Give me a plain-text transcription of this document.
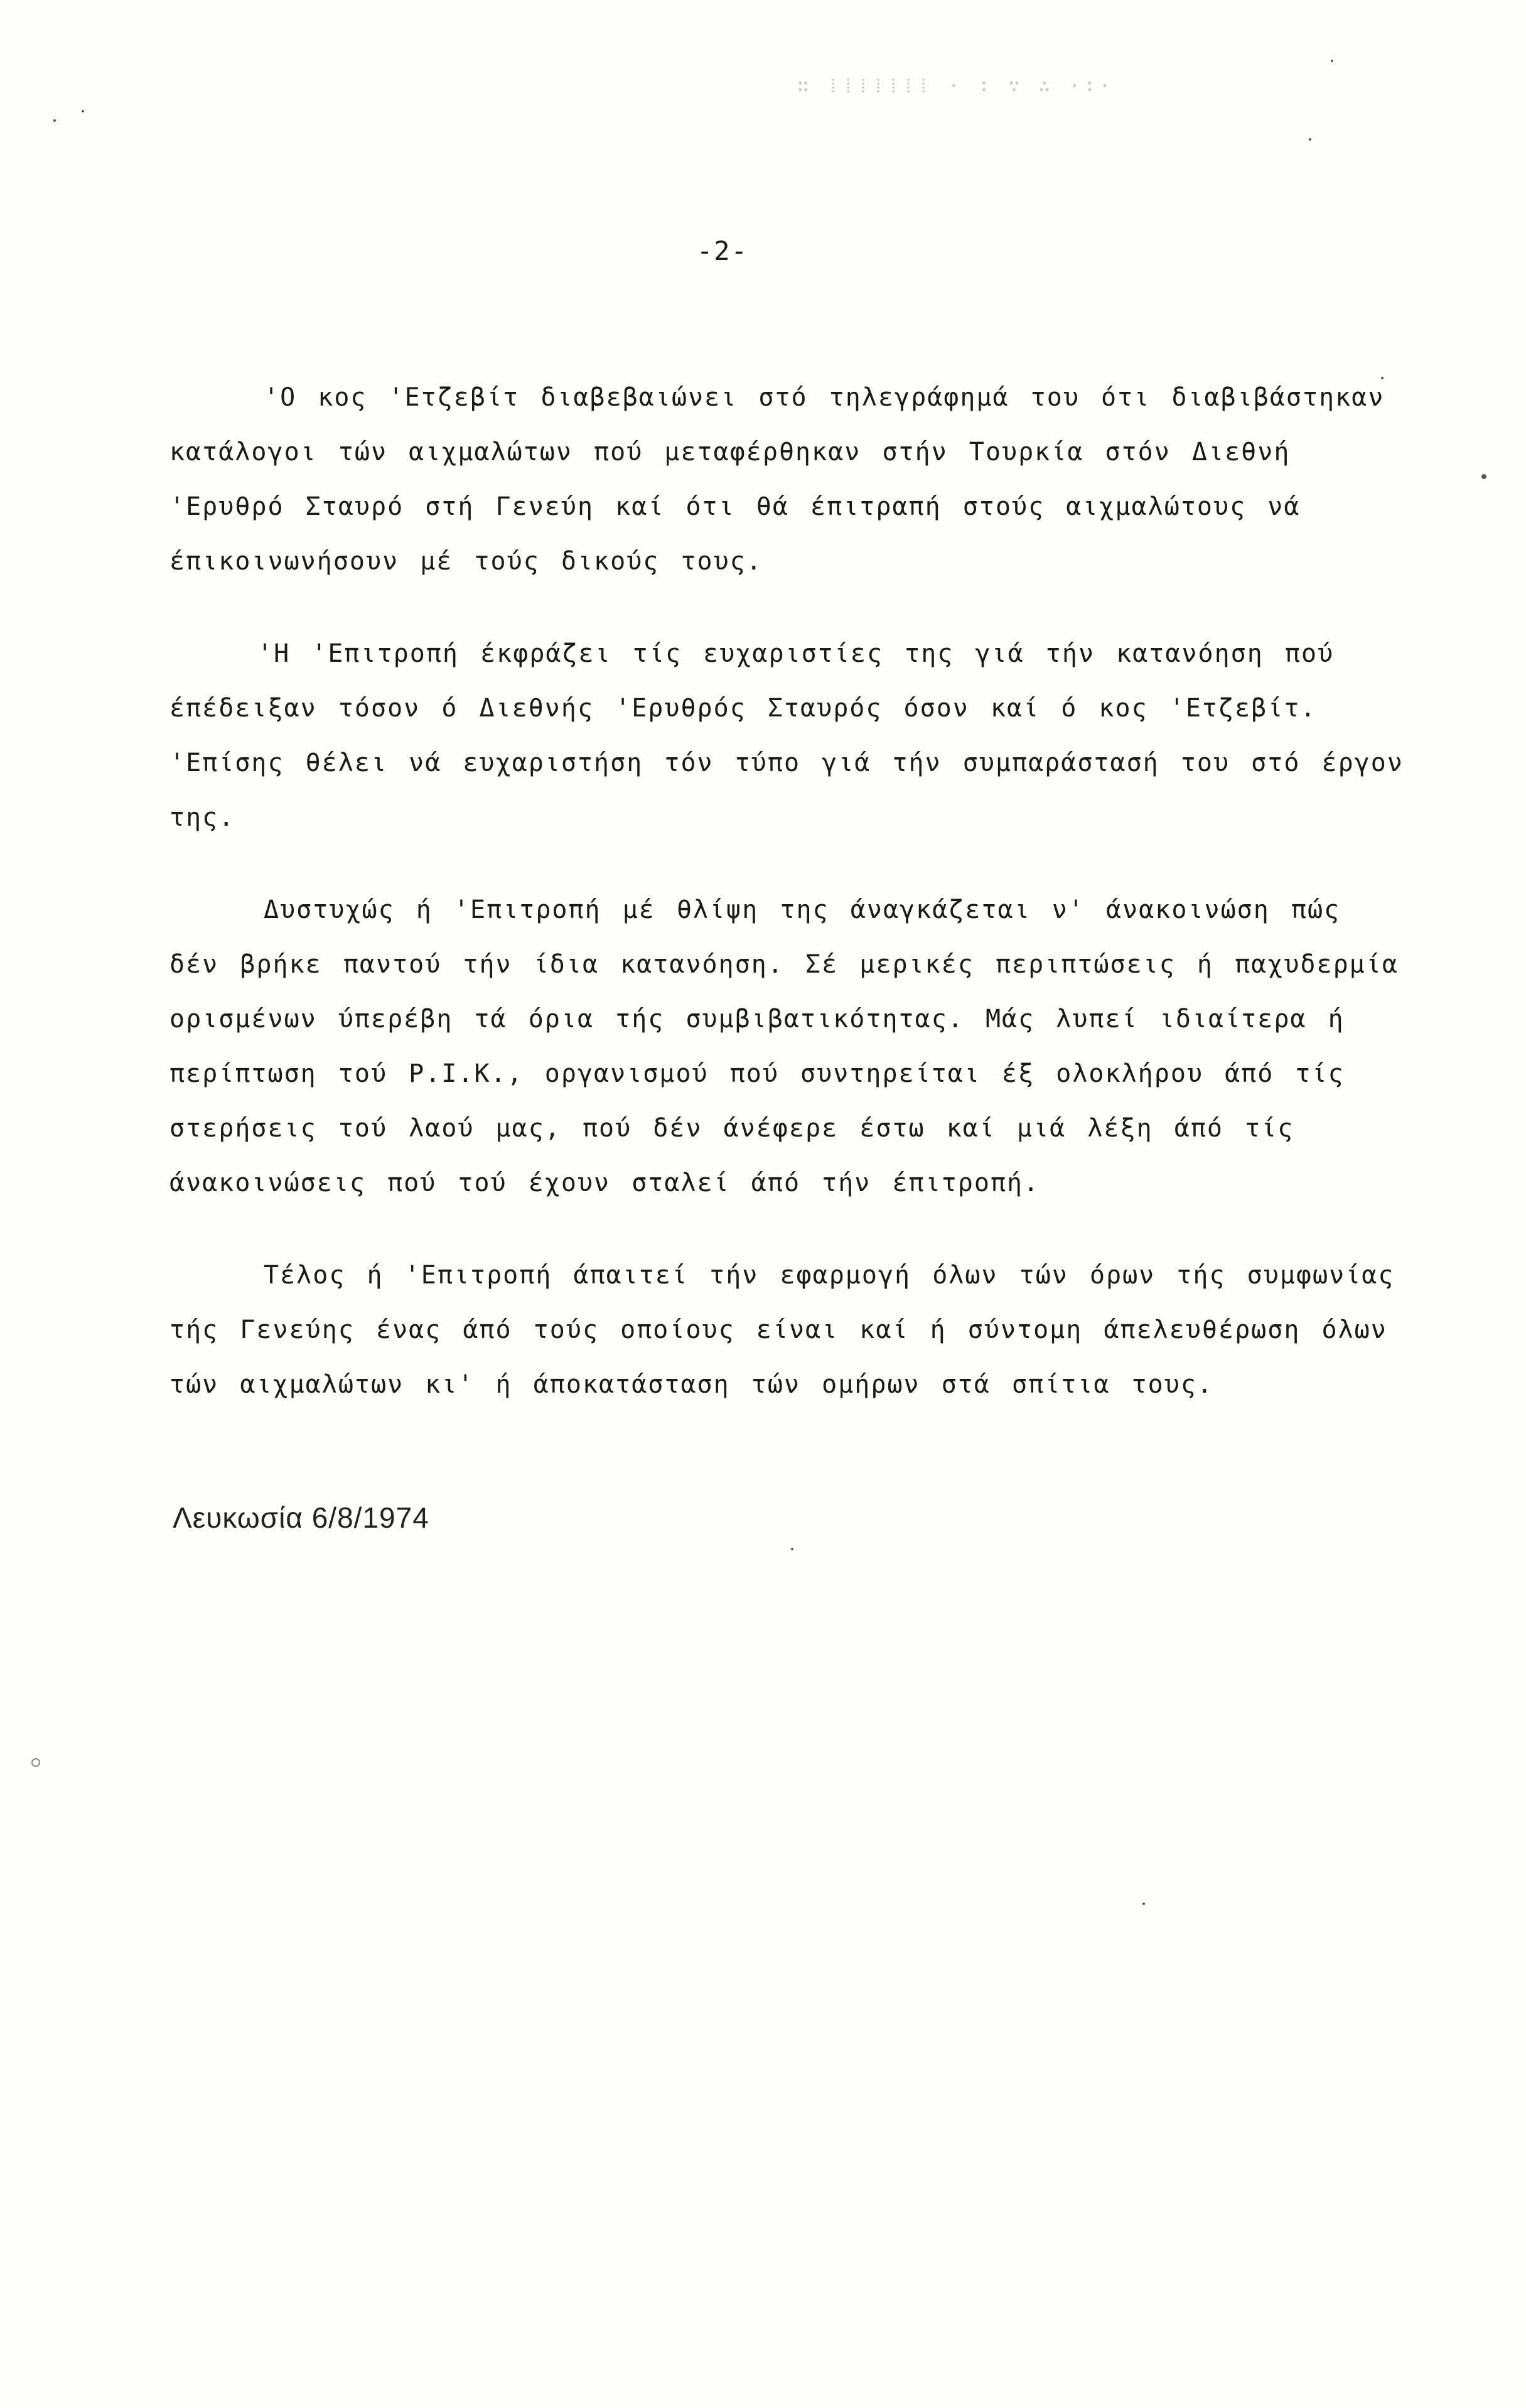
∷ ⁞⁞⁞⁞⁞⁞⁞ · ∶ ∵ ∴ ·∶·
-2-

'O κος 'Ετζεβίτ διαβεβαιώνει στό τηλεγράφημά του ότι διαβιβάστηκαν κατάλογοι τών αιχμαλώτων πού μεταφέρθηκαν στήν Τουρκία στόν Διεθνή 'Ερυθρό Σταυρό στή Γενεύη καί ότι θά έπιτραπή στούς αιχμαλώτους νά έπικοινωνήσουν μέ τούς δικούς τους.

'Η 'Επιτροπή έκφράζει τίς ευχαριστίες της γιά τήν κατανόηση πού έπέδειξαν τόσον ό Διεθνής 'Ερυθρός Σταυρός όσον καί ό κος 'Ετζεβίτ. 'Επίσης θέλει νά ευχαριστήση τόν τύπο γιά τήν συμπαράστασή του στό έργον της.

Δυστυχώς ή 'Επιτροπή μέ θλίψη της άναγκάζεται ν' άνακοινώση πώς δέν βρήκε παντού τήν ίδια κατανόηση. Σέ μερικές περιπτώσεις ή παχυδερμία ορισμένων ύπερέβη τά όρια τής συμβιβατικότητας. Μάς λυπεί ιδιαίτερα ή περίπτωση τού Ρ.Ι.Κ., οργανισμού πού συντηρείται έξ ολοκλήρου άπό τίς στερήσεις τού λαού μας, πού δέν άνέφερε έστω καί μιά λέξη άπό τίς άνακοινώσεις πού τού έχουν σταλεί άπό τήν έπιτροπή.

Τέλος ή 'Επιτροπή άπαιτεί τήν εφαρμογή όλων τών όρων τής συμφωνίας τής Γενεύης ένας άπό τούς οποίους είναι καί ή σύντομη άπελευθέρωση όλων τών αιχμαλώτων κι' ή άποκατάσταση τών ομήρων στά σπίτια τους.

Λευκωσία 6/8/1974
